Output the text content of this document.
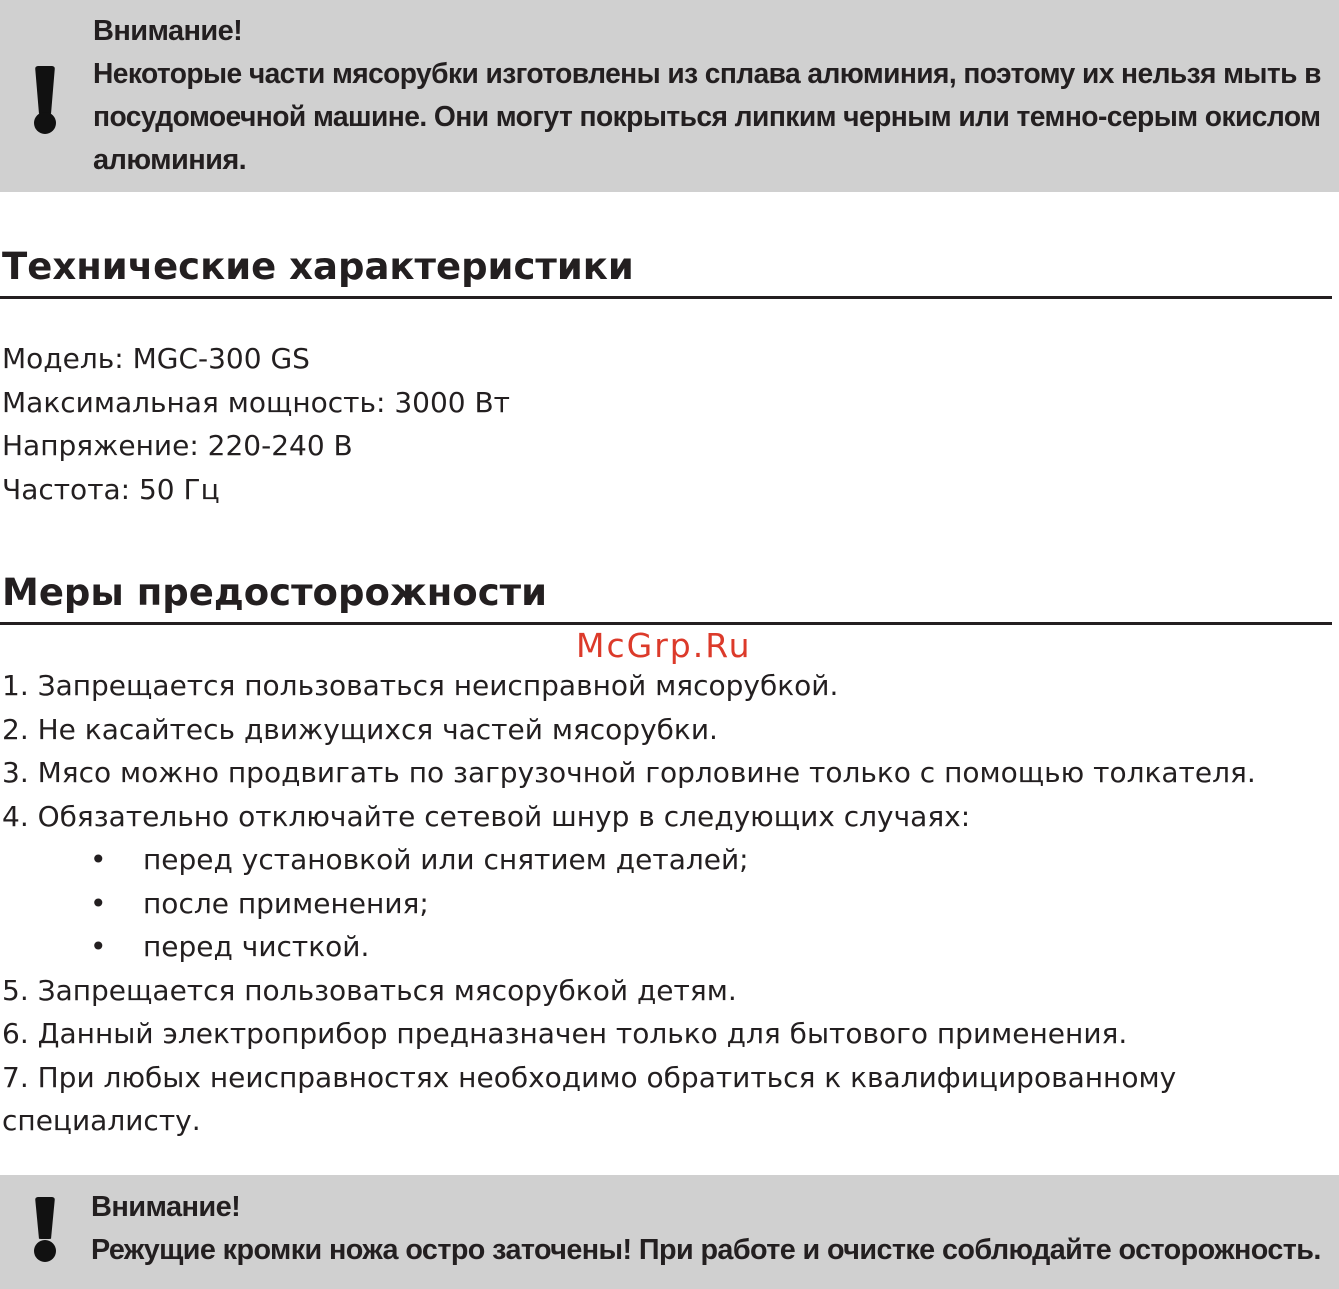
Внимание!
Некоторые части мясорубки изготовлены из сплава алюминия, поэтому их нельзя мыть в
посудомоечной машине. Они могут покрыться липким черным или темно-серым окислом
алюминия.
Технические характеристики
Модель: MGC-300 GS
Максимальная мощность: 3000 Вт
Напряжение: 220-240 В
Частота: 50 Гц
Меры предосторожности
McGrp.Ru
1. Запрещается пользоваться неисправной мясорубкой.
2. Не касайтесь движущихся частей мясорубки.
3. Мясо можно продвигать по загрузочной горловине только с помощью толкателя.
4. Обязательно отключайте сетевой шнур в следующих случаях:
• перед установкой или снятием деталей;
• после применения;
• перед чисткой.
5. Запрещается пользоваться мясорубкой детям.
6. Данный электроприбор предназначен только для бытового применения.
7. При любых неисправностях необходимо обратиться к квалифицированному
специалисту.
Внимание!
Режущие кромки ножа остро заточены! При работе и очистке соблюдайте осторожность.
